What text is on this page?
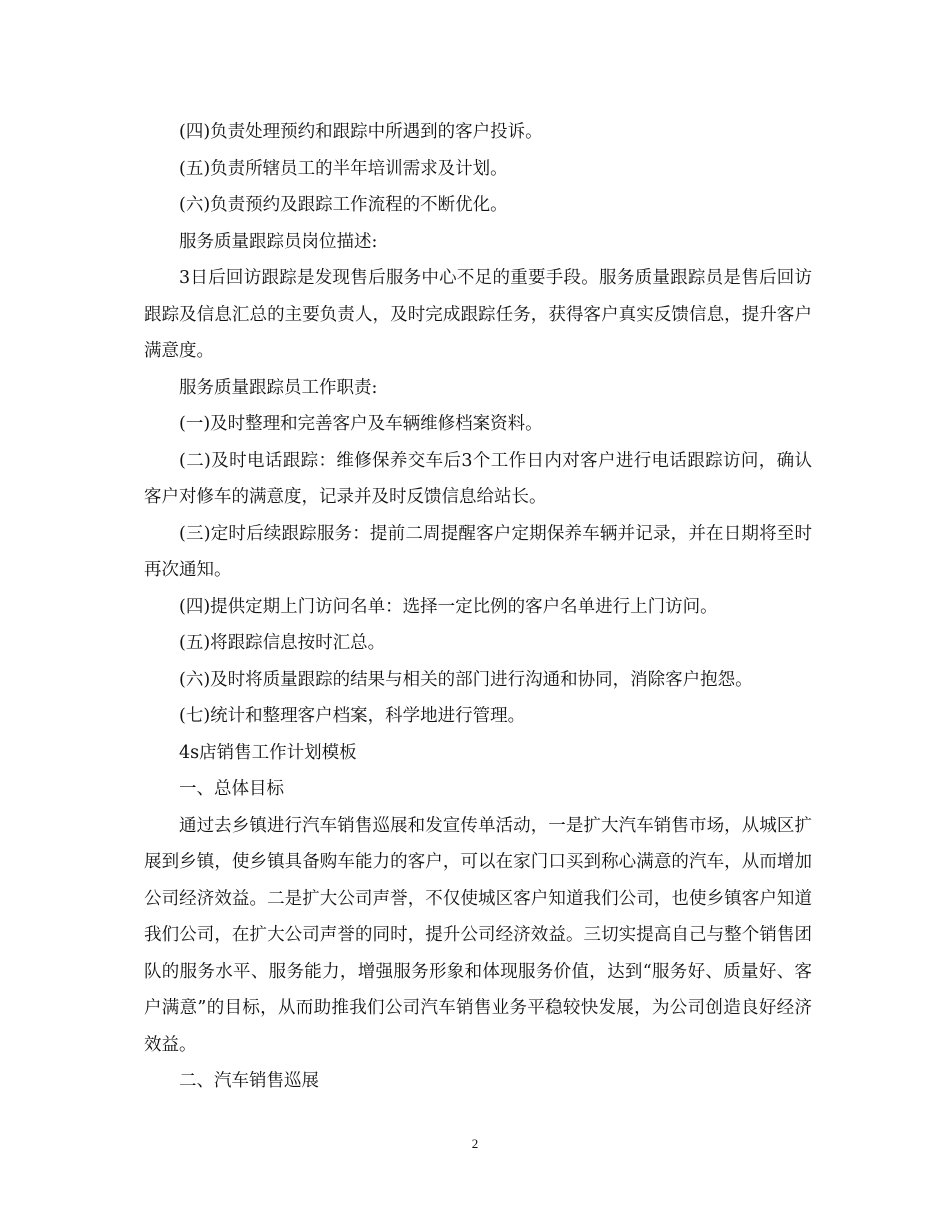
(四)负责处理预约和跟踪中所遇到的客户投诉。

(五)负责所辖员工的半年培训需求及计划。

(六)负责预约及跟踪工作流程的不断优化。

服务质量跟踪员岗位描述:

3日后回访跟踪是发现售后服务中心不足的重要手段。服务质量跟踪员是售后回访跟踪及信息汇总的主要负责人，及时完成跟踪任务，获得客户真实反馈信息，提升客户满意度。

服务质量跟踪员工作职责:

(一)及时整理和完善客户及车辆维修档案资料。

(二)及时电话跟踪：维修保养交车后3个工作日内对客户进行电话跟踪访问，确认客户对修车的满意度，记录并及时反馈信息给站长。

(三)定时后续跟踪服务：提前二周提醒客户定期保养车辆并记录，并在日期将至时再次通知。

(四)提供定期上门访问名单：选择一定比例的客户名单进行上门访问。

(五)将跟踪信息按时汇总。

(六)及时将质量跟踪的结果与相关的部门进行沟通和协同，消除客户抱怨。

(七)统计和整理客户档案，科学地进行管理。

4s店销售工作计划模板

一、总体目标

通过去乡镇进行汽车销售巡展和发宣传单活动，一是扩大汽车销售市场，从城区扩展到乡镇，使乡镇具备购车能力的客户，可以在家门口买到称心满意的汽车，从而增加公司经济效益。二是扩大公司声誉，不仅使城区客户知道我们公司，也使乡镇客户知道我们公司，在扩大公司声誉的同时，提升公司经济效益。三切实提高自己与整个销售团队的服务水平、服务能力，增强服务形象和体现服务价值，达到“服务好、质量好、客户满意”的目标，从而助推我们公司汽车销售业务平稳较快发展，为公司创造良好经济效益。

二、汽车销售巡展

2
